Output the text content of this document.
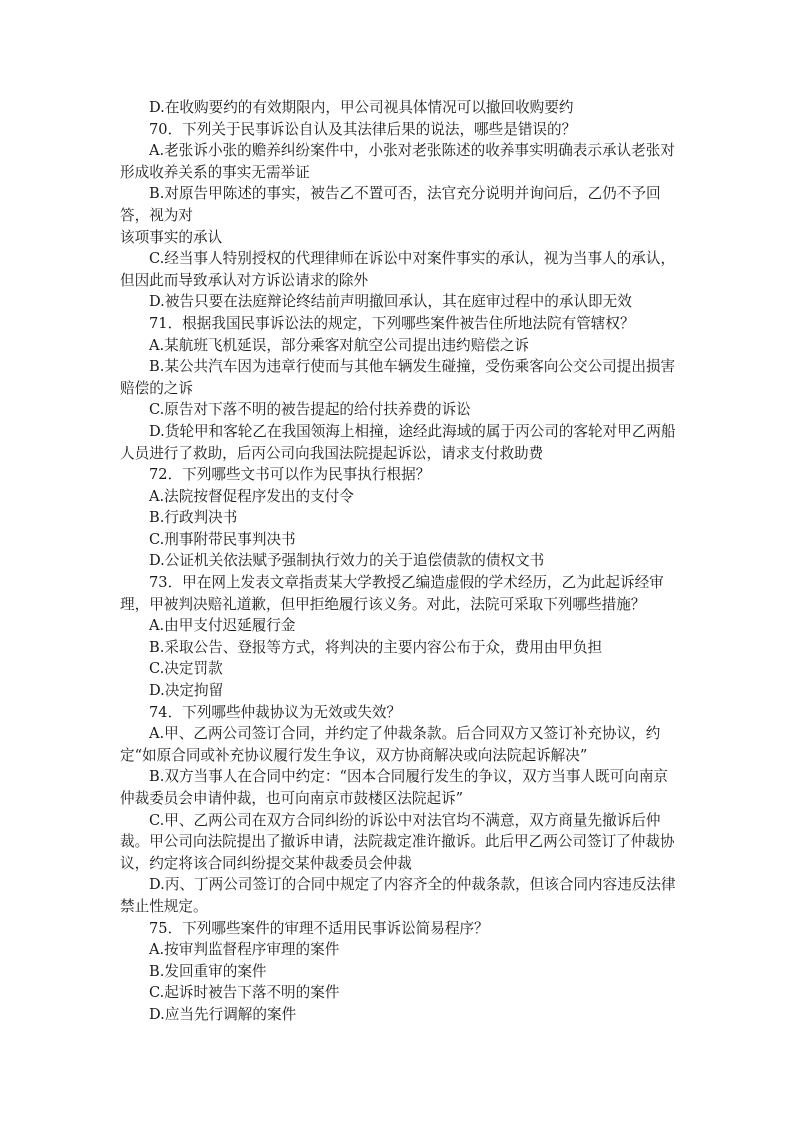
D.在收购要约的有效期限内，甲公司视具体情况可以撤回收购要约

70．下列关于民事诉讼自认及其法律后果的说法，哪些是错误的？

A.老张诉小张的赡养纠纷案件中，小张对老张陈述的收养事实明确表示承认老张对形成收养关系的事实无需举证

B.对原告甲陈述的事实，被告乙不置可否，法官充分说明并询问后，乙仍不予回答，视为对

该项事实的承认

C.经当事人特别授权的代理律师在诉讼中对案件事实的承认，视为当事人的承认，但因此而导致承认对方诉讼请求的除外

D.被告只要在法庭辩论终结前声明撤回承认，其在庭审过程中的承认即无效

71．根据我国民事诉讼法的规定，下列哪些案件被告住所地法院有管辖权？

A.某航班飞机延误，部分乘客对航空公司提出违约赔偿之诉

B.某公共汽车因为违章行使而与其他车辆发生碰撞，受伤乘客向公交公司提出损害赔偿的之诉

C.原告对下落不明的被告提起的给付扶养费的诉讼

D.货轮甲和客轮乙在我国领海上相撞，途经此海域的属于丙公司的客轮对甲乙两船人员进行了救助，后丙公司向我国法院提起诉讼，请求支付救助费

72．下列哪些文书可以作为民事执行根据？

A.法院按督促程序发出的支付令

B.行政判决书

C.刑事附带民事判决书

D.公证机关依法赋予强制执行效力的关于追偿债款的债权文书

73．甲在网上发表文章指责某大学教授乙编造虚假的学术经历，乙为此起诉经审理，甲被判决赔礼道歉，但甲拒绝履行该义务。对此，法院可采取下列哪些措施？

A.由甲支付迟延履行金

B.采取公告、登报等方式，将判决的主要内容公布于众，费用由甲负担

C.决定罚款

D.决定拘留

74．下列哪些仲裁协议为无效或失效？

A.甲、乙两公司签订合同，并约定了仲裁条款。后合同双方又签订补充协议，约定“如原合同或补充协议履行发生争议，双方协商解决或向法院起诉解决”

B.双方当事人在合同中约定：“因本合同履行发生的争议，双方当事人既可向南京仲裁委员会申请仲裁，也可向南京市鼓楼区法院起诉”

C.甲、乙两公司在双方合同纠纷的诉讼中对法官均不满意，双方商量先撤诉后仲裁。甲公司向法院提出了撤诉申请，法院裁定准许撤诉。此后甲乙两公司签订了仲裁协议，约定将该合同纠纷提交某仲裁委员会仲裁

D.丙、丁两公司签订的合同中规定了内容齐全的仲裁条款，但该合同内容违反法律禁止性规定。

75．下列哪些案件的审理不适用民事诉讼简易程序？

A.按审判监督程序审理的案件

B.发回重审的案件

C.起诉时被告下落不明的案件

D.应当先行调解的案件
